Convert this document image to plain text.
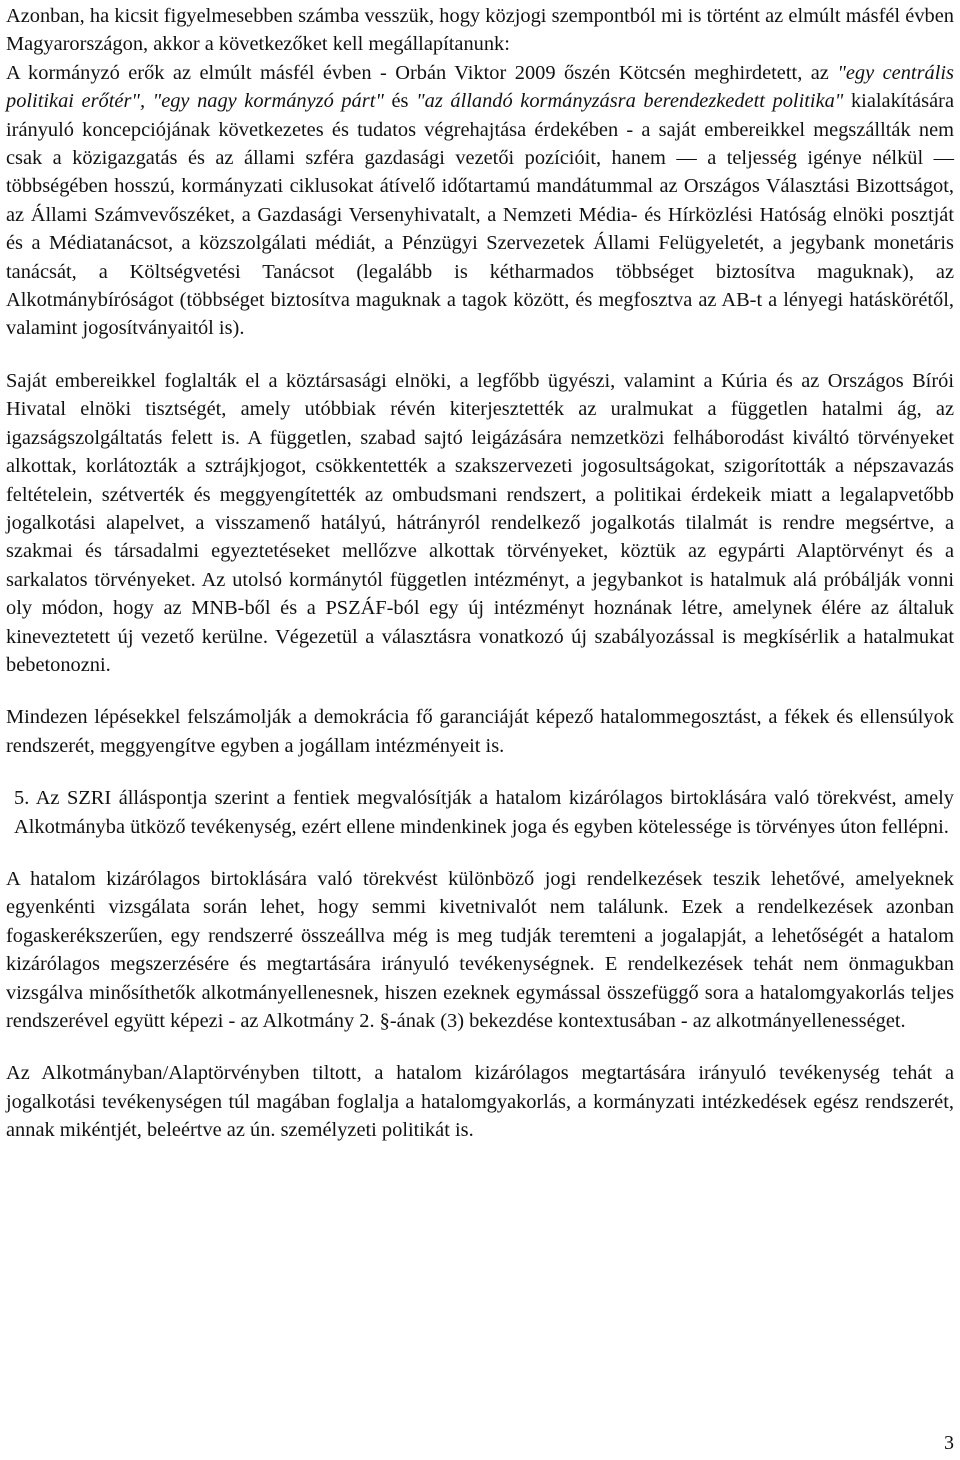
Azonban, ha kicsit figyelmesebben számba vesszük, hogy közjogi szempontból mi is történt az elmúlt másfél évben Magyarországon, akkor a következőket kell megállapítanunk:

A kormányzó erők az elmúlt másfél évben - Orbán Viktor 2009 őszén Kötcsén meghirdetett, az "egy centrális politikai erőtér", "egy nagy kormányzó párt" és "az állandó kormányzásra berendezkedett politika" kialakítására irányuló koncepciójának következetes és tudatos végrehajtása érdekében - a saját embereikkel megszállták nem csak a közigazgatás és az állami szféra gazdasági vezetői pozícióit, hanem — a teljesség igénye nélkül — többségében hosszú, kormányzati ciklusokat átívelő időtartamú mandátummal az Országos Választási Bizottságot, az Állami Számvevőszéket, a Gazdasági Versenyhivatalt, a Nemzeti Média- és Hírközlési Hatóság elnöki posztját és a Médiatanácsot, a közszolgálati médiát, a Pénzügyi Szervezetek Állami Felügyeletét, a jegybank monetáris tanácsát, a Költségvetési Tanácsot (legalább is kétharmados többséget biztosítva maguknak), az Alkotmánybíróságot (többséget biztosítva maguknak a tagok között, és megfosztva az AB-t a lényegi hatáskörétől, valamint jogosítványaitól is).

Saját embereikkel foglalták el a köztársasági elnöki, a legfőbb ügyészi, valamint a Kúria és az Országos Bírói Hivatal elnöki tisztségét, amely utóbbiak révén kiterjesztették az uralmukat a független hatalmi ág, az igazságszolgáltatás felett is. A független, szabad sajtó leigázására nemzetközi felháborodást kiváltó törvényeket alkottak, korlátozták a sztrájkjogot, csökkentették a szakszervezeti jogosultságokat, szigorították a népszavazás feltételein, szétverték és meggyengítették az ombudsmani rendszert, a politikai érdekeik miatt a legalapvetőbb jogalkotási alapelvet, a visszamenő hatályú, hátrányról rendelkező jogalkotás tilalmát is rendre megsértve, a szakmai és társadalmi egyeztetéseket mellőzve alkottak törvényeket, köztük az egypárti Alaptörvényt és a sarkalatos törvényeket. Az utolsó kormánytól független intézményt, a jegybankot is hatalmuk alá próbálják vonni oly módon, hogy az MNB-ből és a PSZÁF-ból egy új intézményt hoznának létre, amelynek élére az általuk kineveztetett új vezető kerülne. Végezetül a választásra vonatkozó új szabályozással is megkísérlik a hatalmukat bebetonozni.

Mindezen lépésekkel felszámolják a demokrácia fő garanciáját képező hatalommegosztást, a fékek és ellensúlyok rendszerét, meggyengítve egyben a jogállam intézményeit is.

5. Az SZRI álláspontja szerint a fentiek megvalósítják a hatalom kizárólagos birtoklására való törekvést, amely Alkotmányba ütköző tevékenység, ezért ellene mindenkinek joga és egyben kötelessége is törvényes úton fellépni.

A hatalom kizárólagos birtoklására való törekvést különböző jogi rendelkezések teszik lehetővé, amelyeknek egyenkénti vizsgálata során lehet, hogy semmi kivetnivalót nem találunk. Ezek a rendelkezések azonban fogaskerékszerűen, egy rendszerré összeállva még is meg tudják teremteni a jogalapját, a lehetőségét a hatalom kizárólagos megszerzésére és megtartására irányuló tevékenységnek. E rendelkezések tehát nem önmagukban vizsgálva minősíthetők alkotmányellenesnek, hiszen ezeknek egymással összefüggő sora a hatalomgyakorlás teljes rendszerével együtt képezi - az Alkotmány 2. §-ának (3) bekezdése kontextusában - az alkotmányellenességet.

Az Alkotmányban/Alaptörvényben tiltott, a hatalom kizárólagos megtartására irányuló tevékenység tehát a jogalkotási tevékenységen túl magában foglalja a hatalomgyakorlás, a kormányzati intézkedések egész rendszerét, annak mikéntjét, beleértve az ún. személyzeti politikát is.

3
